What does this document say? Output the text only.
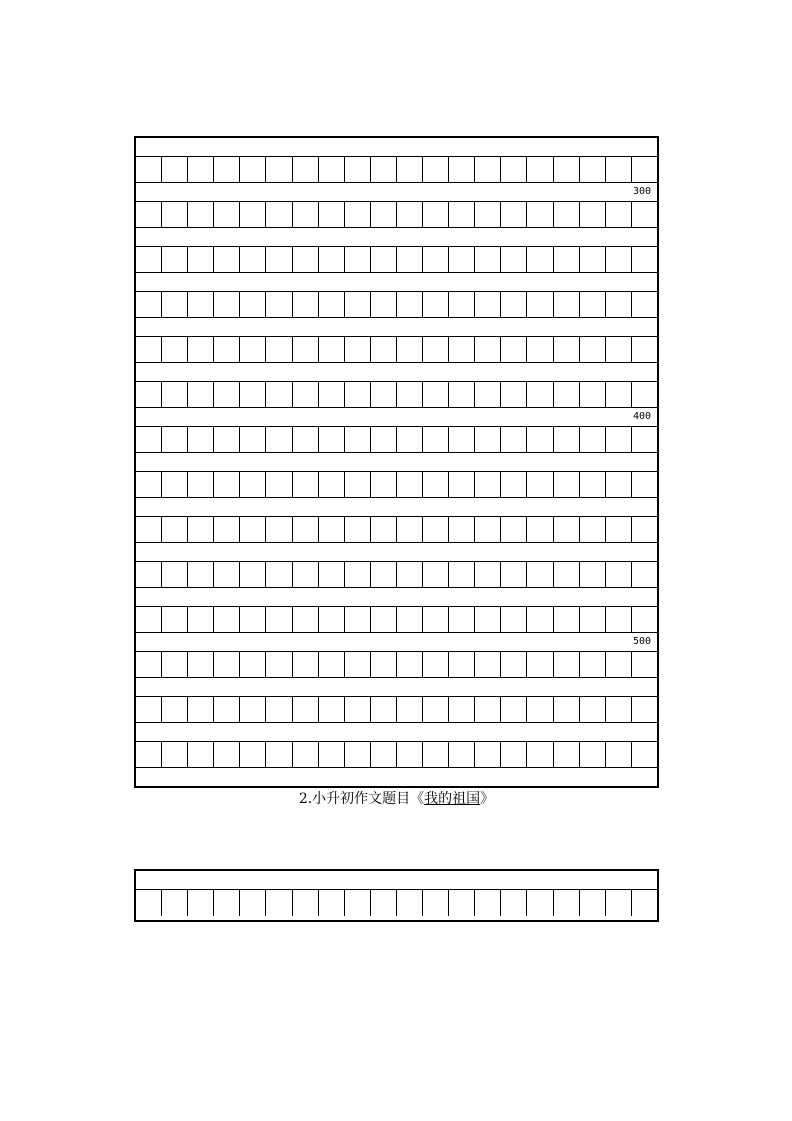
300
400
500
2.小升初作文题目《我的祖国》
